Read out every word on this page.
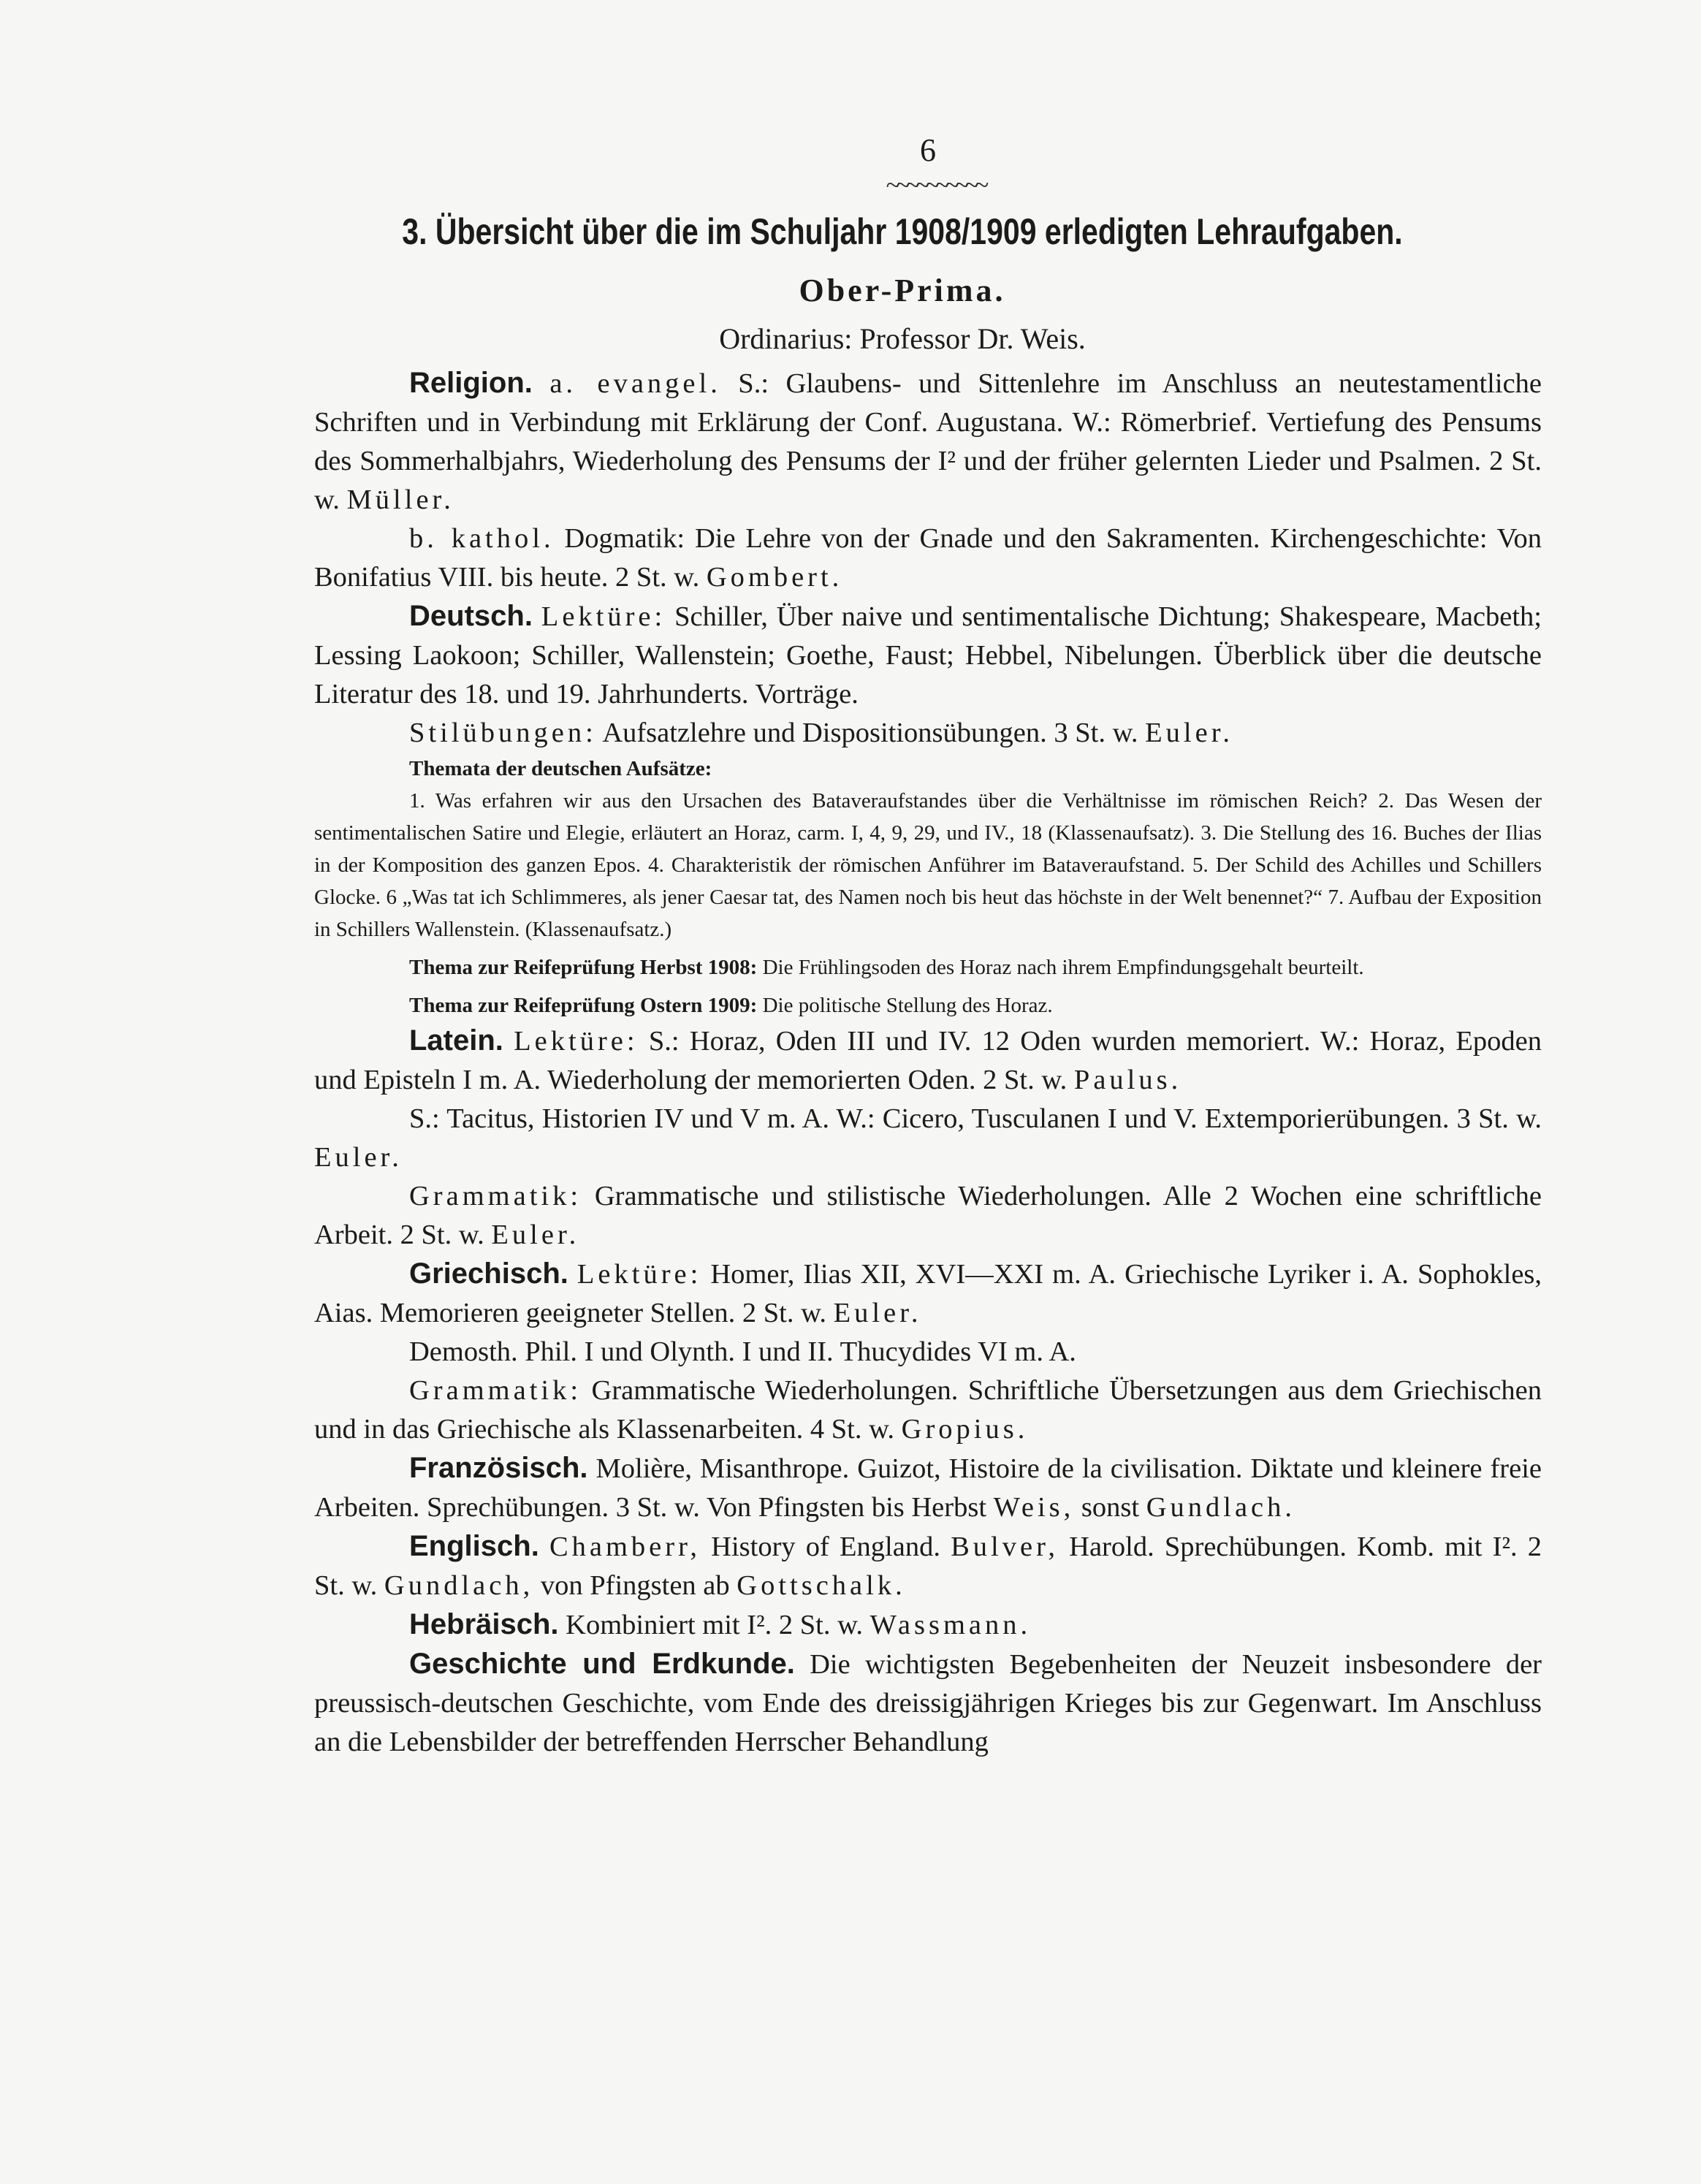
6
~~~~~~~~~~
3. Übersicht über die im Schuljahr 1908/1909 erledigten Lehraufgaben.
Ober-Prima.
Ordinarius: Professor Dr. Weis.

Religion. a. evangel. S.: Glaubens- und Sittenlehre im Anschluss an neutestamentliche Schriften und in Verbindung mit Erklärung der Conf. Augustana. W.: Römerbrief. Vertiefung des Pensums des Sommerhalbjahrs, Wiederholung des Pensums der I² und der früher gelernten Lieder und Psalmen. 2 St. w. Müller.

b. kathol. Dogmatik: Die Lehre von der Gnade und den Sakramenten. Kirchengeschichte: Von Bonifatius VIII. bis heute. 2 St. w. Gombert.

Deutsch. Lektüre: Schiller, Über naive und sentimentalische Dichtung; Shakespeare, Macbeth; Lessing Laokoon; Schiller, Wallenstein; Goethe, Faust; Hebbel, Nibelungen. Überblick über die deutsche Literatur des 18. und 19. Jahrhunderts. Vorträge.

Stilübungen: Aufsatzlehre und Dispositionsübungen. 3 St. w. Euler.

Themata der deutschen Aufsätze:

1. Was erfahren wir aus den Ursachen des Bataveraufstandes über die Verhältnisse im römischen Reich? 2. Das Wesen der sentimentalischen Satire und Elegie, erläutert an Horaz, carm. I, 4, 9, 29, und IV., 18 (Klassenaufsatz). 3. Die Stellung des 16. Buches der Ilias in der Komposition des ganzen Epos. 4. Charakteristik der römischen Anführer im Bataveraufstand. 5. Der Schild des Achilles und Schillers Glocke. 6 „Was tat ich Schlimmeres, als jener Caesar tat, des Namen noch bis heut das höchste in der Welt benennet?“ 7. Aufbau der Exposition in Schillers Wallenstein. (Klassenaufsatz.)

Thema zur Reifeprüfung Herbst 1908: Die Frühlingsoden des Horaz nach ihrem Empfindungsgehalt beurteilt.

Thema zur Reifeprüfung Ostern 1909: Die politische Stellung des Horaz.

Latein. Lektüre: S.: Horaz, Oden III und IV. 12 Oden wurden memoriert. W.: Horaz, Epoden und Episteln I m. A. Wiederholung der memorierten Oden. 2 St. w. Paulus.

S.: Tacitus, Historien IV und V m. A. W.: Cicero, Tusculanen I und V. Extemporierübungen. 3 St. w. Euler.

Grammatik: Grammatische und stilistische Wiederholungen. Alle 2 Wochen eine schriftliche Arbeit. 2 St. w. Euler.

Griechisch. Lektüre: Homer, Ilias XII, XVI—XXI m. A. Griechische Lyriker i. A. Sophokles, Aias. Memorieren geeigneter Stellen. 2 St. w. Euler.

Demosth. Phil. I und Olynth. I und II. Thucydides VI m. A.

Grammatik: Grammatische Wiederholungen. Schriftliche Übersetzungen aus dem Griechischen und in das Griechische als Klassenarbeiten. 4 St. w. Gropius.

Französisch. Molière, Misanthrope. Guizot, Histoire de la civilisation. Diktate und kleinere freie Arbeiten. Sprechübungen. 3 St. w. Von Pfingsten bis Herbst Weis, sonst Gundlach.

Englisch. Chamberr, History of England. Bulver, Harold. Sprechübungen. Komb. mit I². 2 St. w. Gundlach, von Pfingsten ab Gottschalk.

Hebräisch. Kombiniert mit I². 2 St. w. Wassmann.

Geschichte und Erdkunde. Die wichtigsten Begebenheiten der Neuzeit insbesondere der preussisch-deutschen Geschichte, vom Ende des dreissigjährigen Krieges bis zur Gegenwart. Im Anschluss an die Lebensbilder der betreffenden Herrscher Behandlung
